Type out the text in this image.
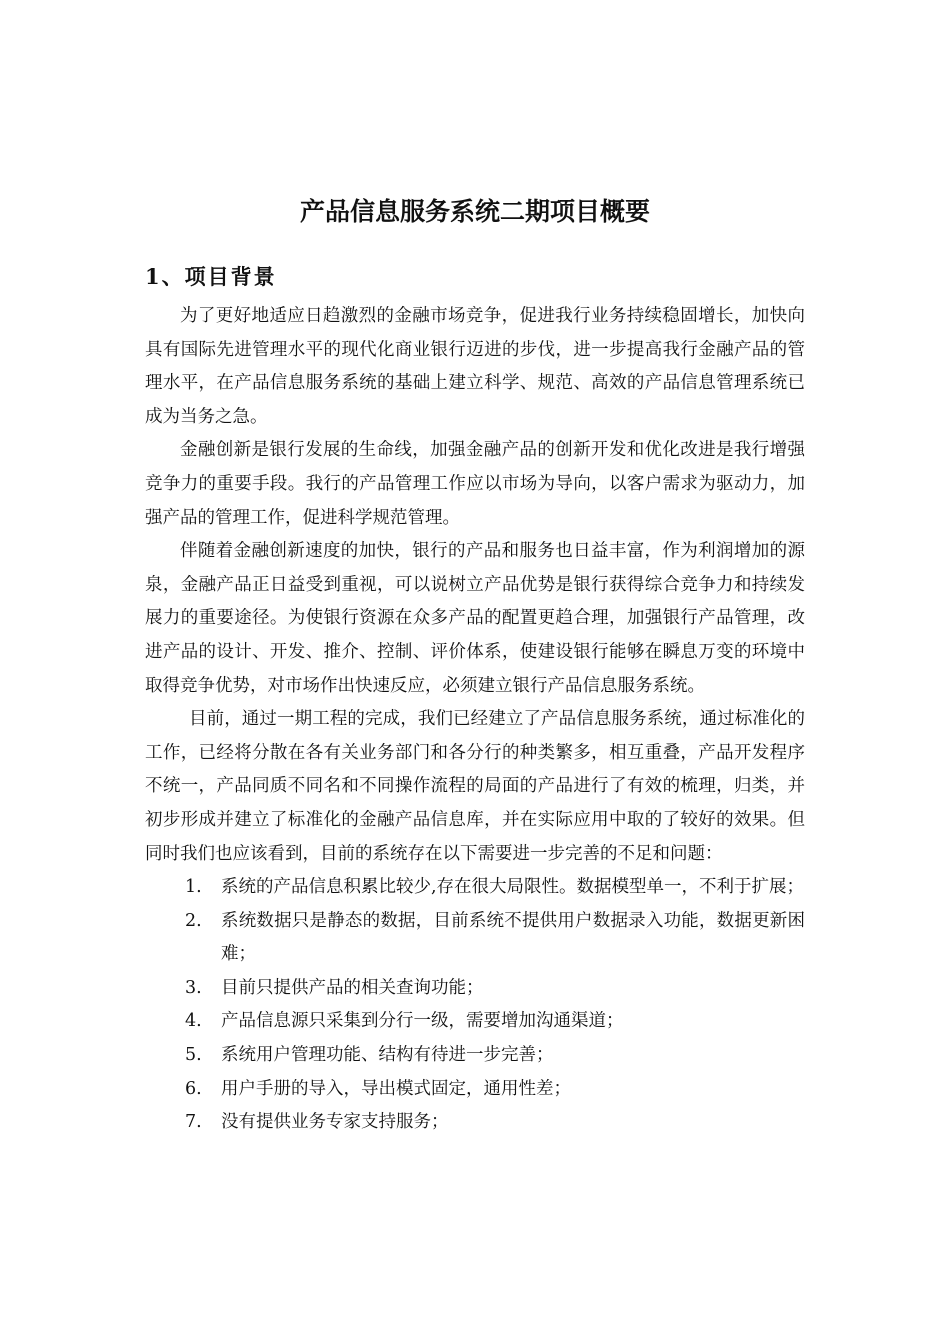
产品信息服务系统二期项目概要
1、项目背景

为了更好地适应日趋激烈的金融市场竞争，促进我行业务持续稳固增长，加快向具有国际先进管理水平的现代化商业银行迈进的步伐，进一步提高我行金融产品的管理水平，在产品信息服务系统的基础上建立科学、规范、高效的产品信息管理系统已成为当务之急。

金融创新是银行发展的生命线，加强金融产品的创新开发和优化改进是我行增强竞争力的重要手段。我行的产品管理工作应以市场为导向，以客户需求为驱动力，加强产品的管理工作，促进科学规范管理。

伴随着金融创新速度的加快，银行的产品和服务也日益丰富，作为利润增加的源泉，金融产品正日益受到重视，可以说树立产品优势是银行获得综合竞争力和持续发展力的重要途径。为使银行资源在众多产品的配置更趋合理，加强银行产品管理，改进产品的设计、开发、推介、控制、评价体系，使建设银行能够在瞬息万变的环境中取得竞争优势，对市场作出快速反应，必须建立银行产品信息服务系统。

目前，通过一期工程的完成，我们已经建立了产品信息服务系统，通过标准化的工作，已经将分散在各有关业务部门和各分行的种类繁多，相互重叠，产品开发程序不统一，产品同质不同名和不同操作流程的局面的产品进行了有效的梳理，归类，并初步形成并建立了标准化的金融产品信息库，并在实际应用中取的了较好的效果。但同时我们也应该看到，目前的系统存在以下需要进一步完善的不足和问题：

1.	系统的产品信息积累比较少,存在很大局限性。数据模型单一，不利于扩展；
2.	系统数据只是静态的数据，目前系统不提供用户数据录入功能，数据更新困难；
3.	目前只提供产品的相关查询功能；
4.	产品信息源只采集到分行一级，需要增加沟通渠道；
5.	系统用户管理功能、结构有待进一步完善；
6.	用户手册的导入，导出模式固定，通用性差；
7.	没有提供业务专家支持服务；
